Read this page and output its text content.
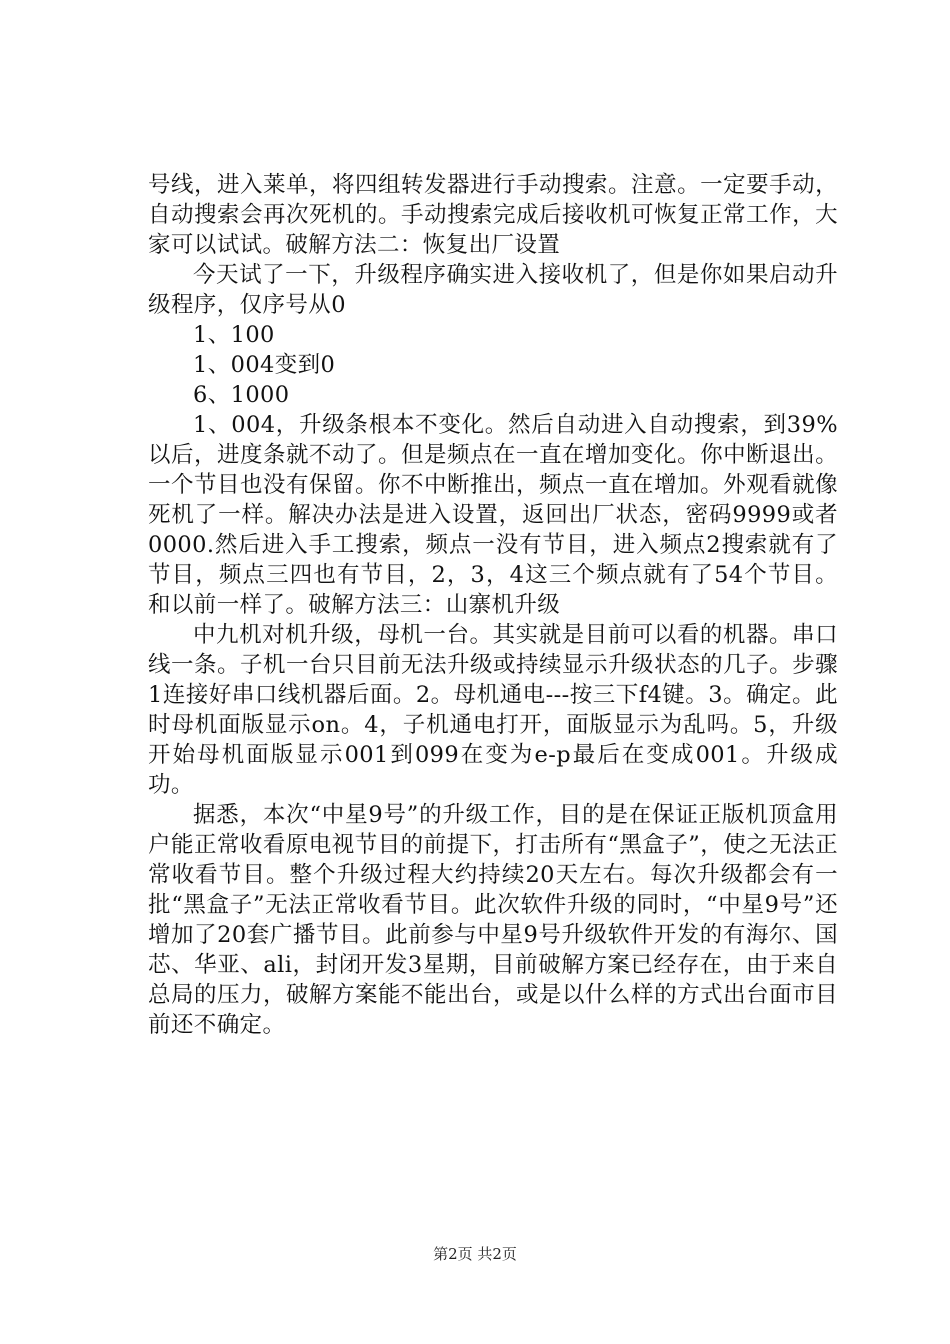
号线，进入莱单，将四组转发器进行手动搜索。注意。一定要手动，自动搜索会再次死机的。手动搜索完成后接收机可恢复正常工作，大家可以试试。破解方法二：恢复出厂设置

今天试了一下，升级程序确实进入接收机了，但是你如果启动升级程序，仅序号从0

1、100

1、004变到0

6、1000

1、004，升级条根本不变化。然后自动进入自动搜索，到39%以后，进度条就不动了。但是频点在一直在增加变化。你中断退出。一个节目也没有保留。你不中断推出，频点一直在增加。外观看就像死机了一样。解决办法是进入设置，返回出厂状态，密码9999或者0000.然后进入手工搜索，频点一没有节目，进入频点2搜索就有了节目，频点三四也有节目，2，3，4这三个频点就有了54个节目。和以前一样了。破解方法三：山寨机升级

中九机对机升级，母机一台。其实就是目前可以看的机器。串口线一条。子机一台只目前无法升级或持续显示升级状态的几子。步骤1连接好串口线机器后面。2。母机通电---按三下f4键。3。确定。此时母机面版显示on。4，子机通电打开，面版显示为乱吗。5，升级开始母机面版显示001到099在变为e-p最后在变成001。升级成功。

据悉，本次“中星9号”的升级工作，目的是在保证正版机顶盒用户能正常收看原电视节目的前提下，打击所有“黑盒子”，使之无法正常收看节目。整个升级过程大约持续20天左右。每次升级都会有一批“黑盒子”无法正常收看节目。此次软件升级的同时，“中星9号”还增加了20套广播节目。此前参与中星9号升级软件开发的有海尔、国芯、华亚、ali，封闭开发3星期，目前破解方案已经存在，由于来自总局的压力，破解方案能不能出台，或是以什么样的方式出台面市目前还不确定。

第2页 共2页
